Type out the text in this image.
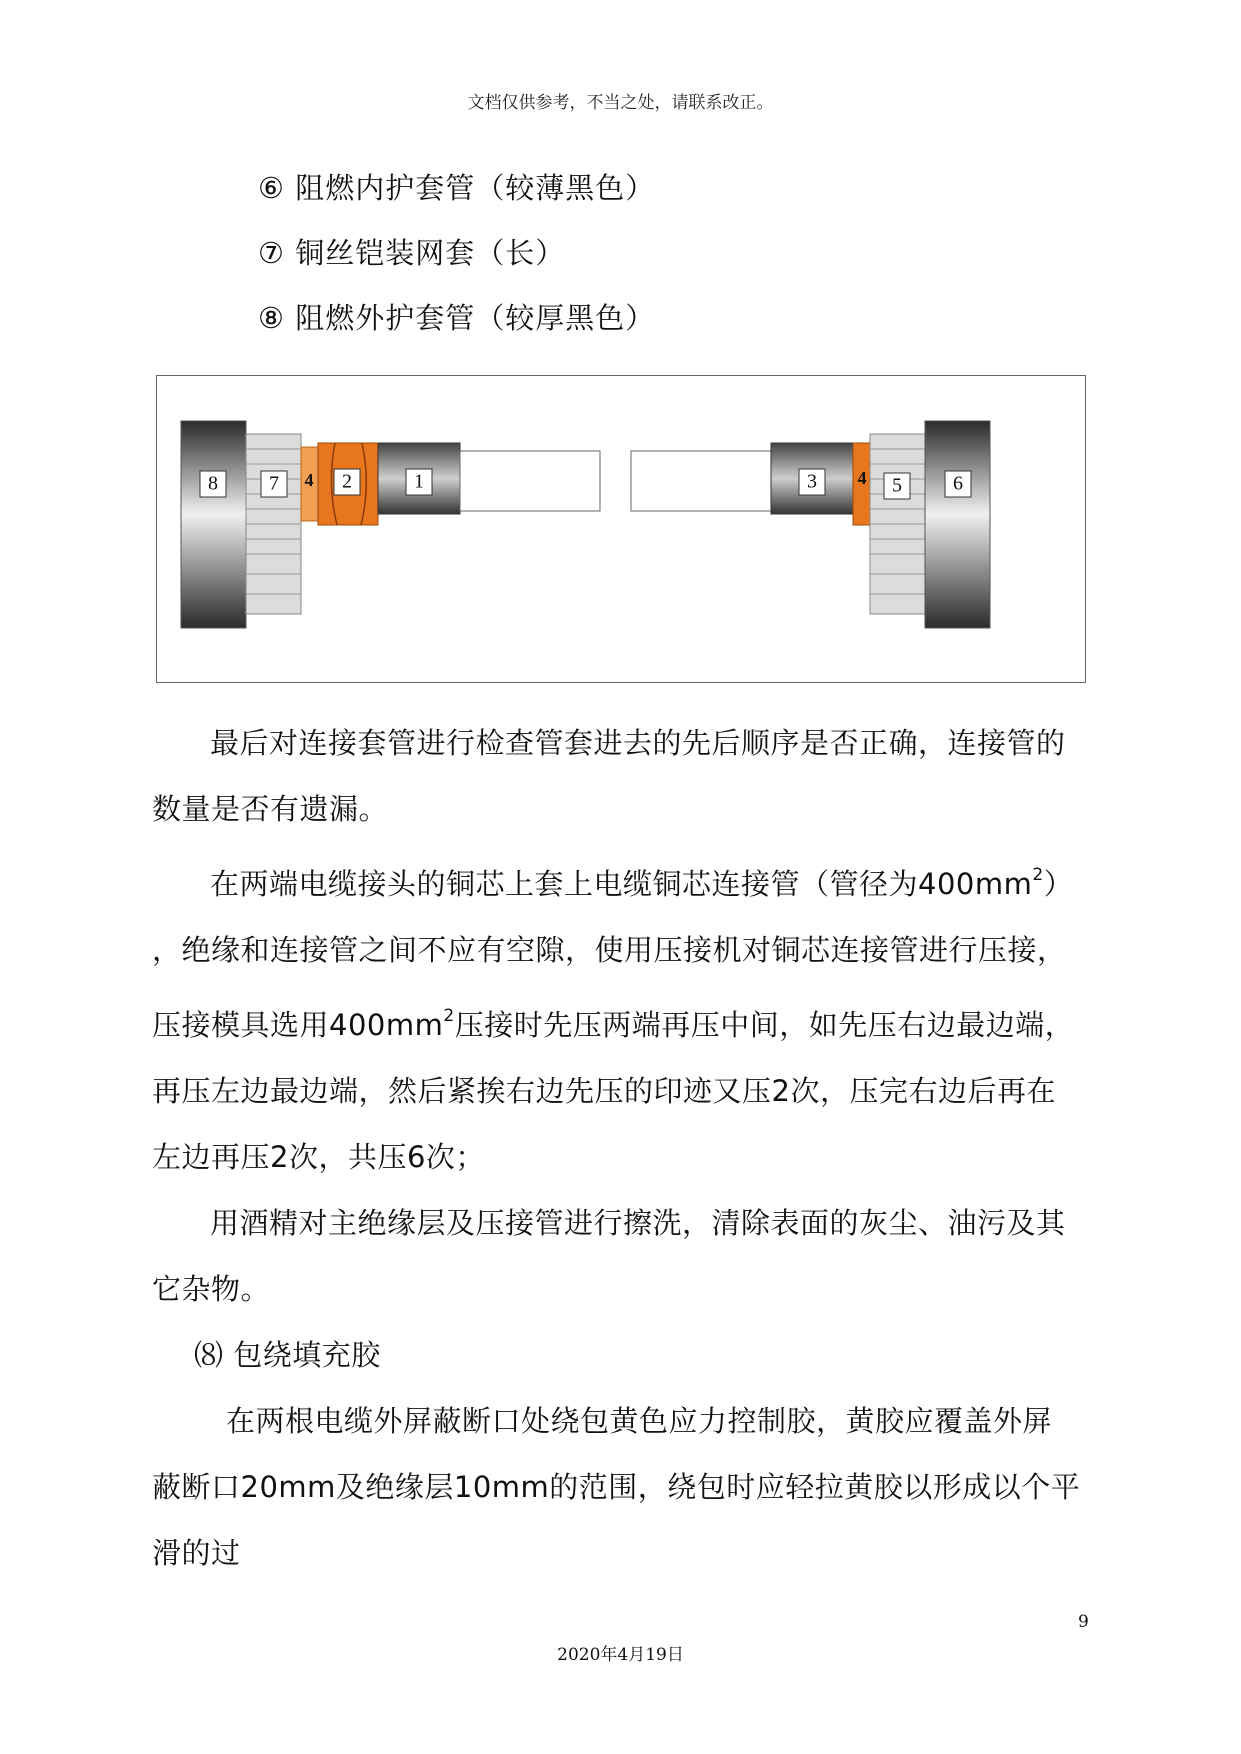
文档仅供参考，不当之处，请联系改正。
⑥ 阻燃内护套管（较薄黑色）
⑦ 铜丝铠装网套（长）
⑧ 阻燃外护套管（较厚黑色）
8	7 4 2	1	3 4 5	6

最后对连接套管进行检查管套进去的先后顺序是否正确，连接管的

数量是否有遗漏。

在两端电缆接头的铜芯上套上电缆铜芯连接管（管径为$400mm^2$）

，绝缘和连接管之间不应有空隙，使用压接机对铜芯连接管进行压接，

压接模具选用$400mm^2$压接时先压两端再压中间，如先压右边最边端，

再压左边最边端，然后紧挨右边先压的印迹又压2次，压完右边后再在

左边再压2次，共压6次；

用酒精对主绝缘层及压接管进行擦洗，清除表面的灰尘、油污及其

它杂物。

⑻ 包绕填充胶

在两根电缆外屏蔽断口处绕包黄色应力控制胶，黄胶应覆盖外屏

蔽断口20mm及绝缘层10mm的范围，绕包时应轻拉黄胶以形成以个平

滑的过

9
2020年4月19日
